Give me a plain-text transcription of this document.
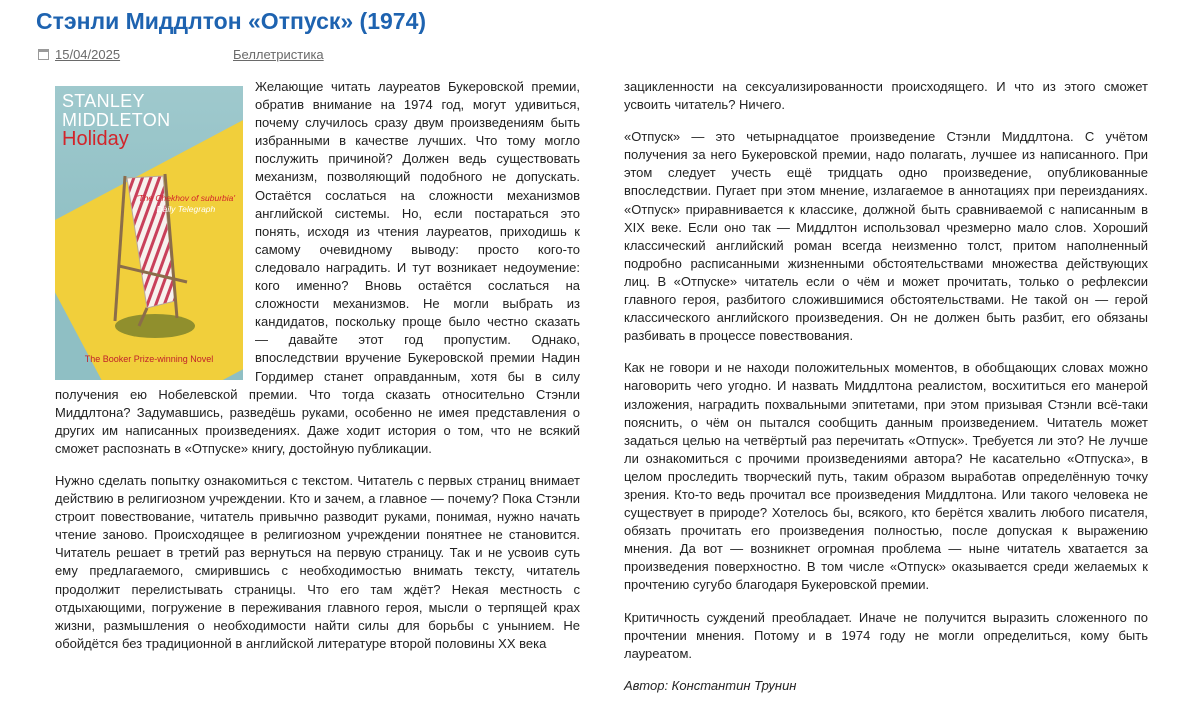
Стэнли Миддлтон «Отпуск» (1974)
15/04/2025	Беллетристика
STANLEY
MIDDLETON
Holiday
'The Chekhov of suburbia'
Daily Telegraph
The Booker Prize-winning Novel

Желающие читать лауреатов Букеровской премии, обратив внимание на 1974 год, могут удивиться, почему случилось сразу двум произведениям быть избранными в качестве лучших. Что тому могло послужить причиной? Должен ведь существовать механизм, позволяющий подобного не допускать. Остаётся сослаться на сложности механизмов английской системы. Но, если постараться это понять, исходя из чтения лауреатов, приходишь к самому очевидному выводу: просто кого-то следовало наградить. И тут возникает недоумение: кого именно? Вновь остаётся сослаться на сложности механизмов. Не могли выбрать из кандидатов, поскольку проще было честно сказать — давайте этот год пропустим. Однако, впоследствии вручение Букеровской премии Надин Гордимер станет оправданным, хотя бы в силу получения ею Нобелевской премии. Что тогда сказать относительно Стэнли Миддлтона? Задумавшись, разведёшь руками, особенно не имея представления о других им написанных произведениях. Даже ходит история о том, что не всякий сможет распознать в «Отпуске» книгу, достойную публикации.

Нужно сделать попытку ознакомиться с текстом. Читатель с первых страниц внимает действию в религиозном учреждении. Кто и зачем, а главное — почему? Пока Стэнли строит повествование, читатель привычно разводит руками, понимая, нужно начать чтение заново. Происходящее в религиозном учреждении понятнее не становится. Читатель решает в третий раз вернуться на первую страницу. Так и не усвоив суть ему предлагаемого, смирившись с необходимостью внимать тексту, читатель продолжит перелистывать страницы. Что его там ждёт? Некая местность с отдыхающими, погружение в переживания главного героя, мысли о терпящей крах жизни, размышления о необходимости найти силы для борьбы с унынием. Не обойдётся без традиционной в английской литературе второй половины XX века

зацикленности на сексуализированности происходящего. И что из этого сможет усвоить читатель? Ничего.

«Отпуск» — это четырнадцатое произведение Стэнли Миддлтона. С учётом получения за него Букеровской премии, надо полагать, лучшее из написанного. При этом следует учесть ещё тридцать одно произведение, опубликованные впоследствии. Пугает при этом мнение, излагаемое в аннотациях при переизданиях. «Отпуск» приравнивается к классике, должной быть сравниваемой с написанным в XIX веке. Если оно так — Миддлтон использовал чрезмерно мало слов. Хороший классический английский роман всегда неизменно толст, притом наполненный подробно расписанными жизненными обстоятельствами множества действующих лиц. В «Отпуске» читатель если о чём и может прочитать, только о рефлексии главного героя, разбитого сложившимися обстоятельствами. Не такой он — герой классического английского произведения. Он не должен быть разбит, его обязаны разбивать в процессе повествования.

Как не говори и не находи положительных моментов, в обобщающих словах можно наговорить чего угодно. И назвать Миддлтона реалистом, восхититься его манерой изложения, наградить похвальными эпитетами, при этом призывая Стэнли всё-таки пояснить, о чём он пытался сообщить данным произведением. Читатель может задаться целью на четвёртый раз перечитать «Отпуск». Требуется ли это? Не лучше ли ознакомиться с прочими произведениями автора? Не касательно «Отпуска», в целом проследить творческий путь, таким образом выработав определённую точку зрения. Кто-то ведь прочитал все произведения Миддлтона. Или такого человека не существует в природе? Хотелось бы, всякого, кто берётся хвалить любого писателя, обязать прочитать его произведения полностью, после допуская к выражению мнения. Да вот — возникнет огромная проблема — ныне читатель хватается за произведения поверхностно. В том числе «Отпуск» оказывается среди желаемых к прочтению сугубо благодаря Букеровской премии.

Критичность суждений преобладает. Иначе не получится выразить сложенного по прочтении мнения. Потому и в 1974 году не могли определиться, кому быть лауреатом.

Автор: Константин Трунин
